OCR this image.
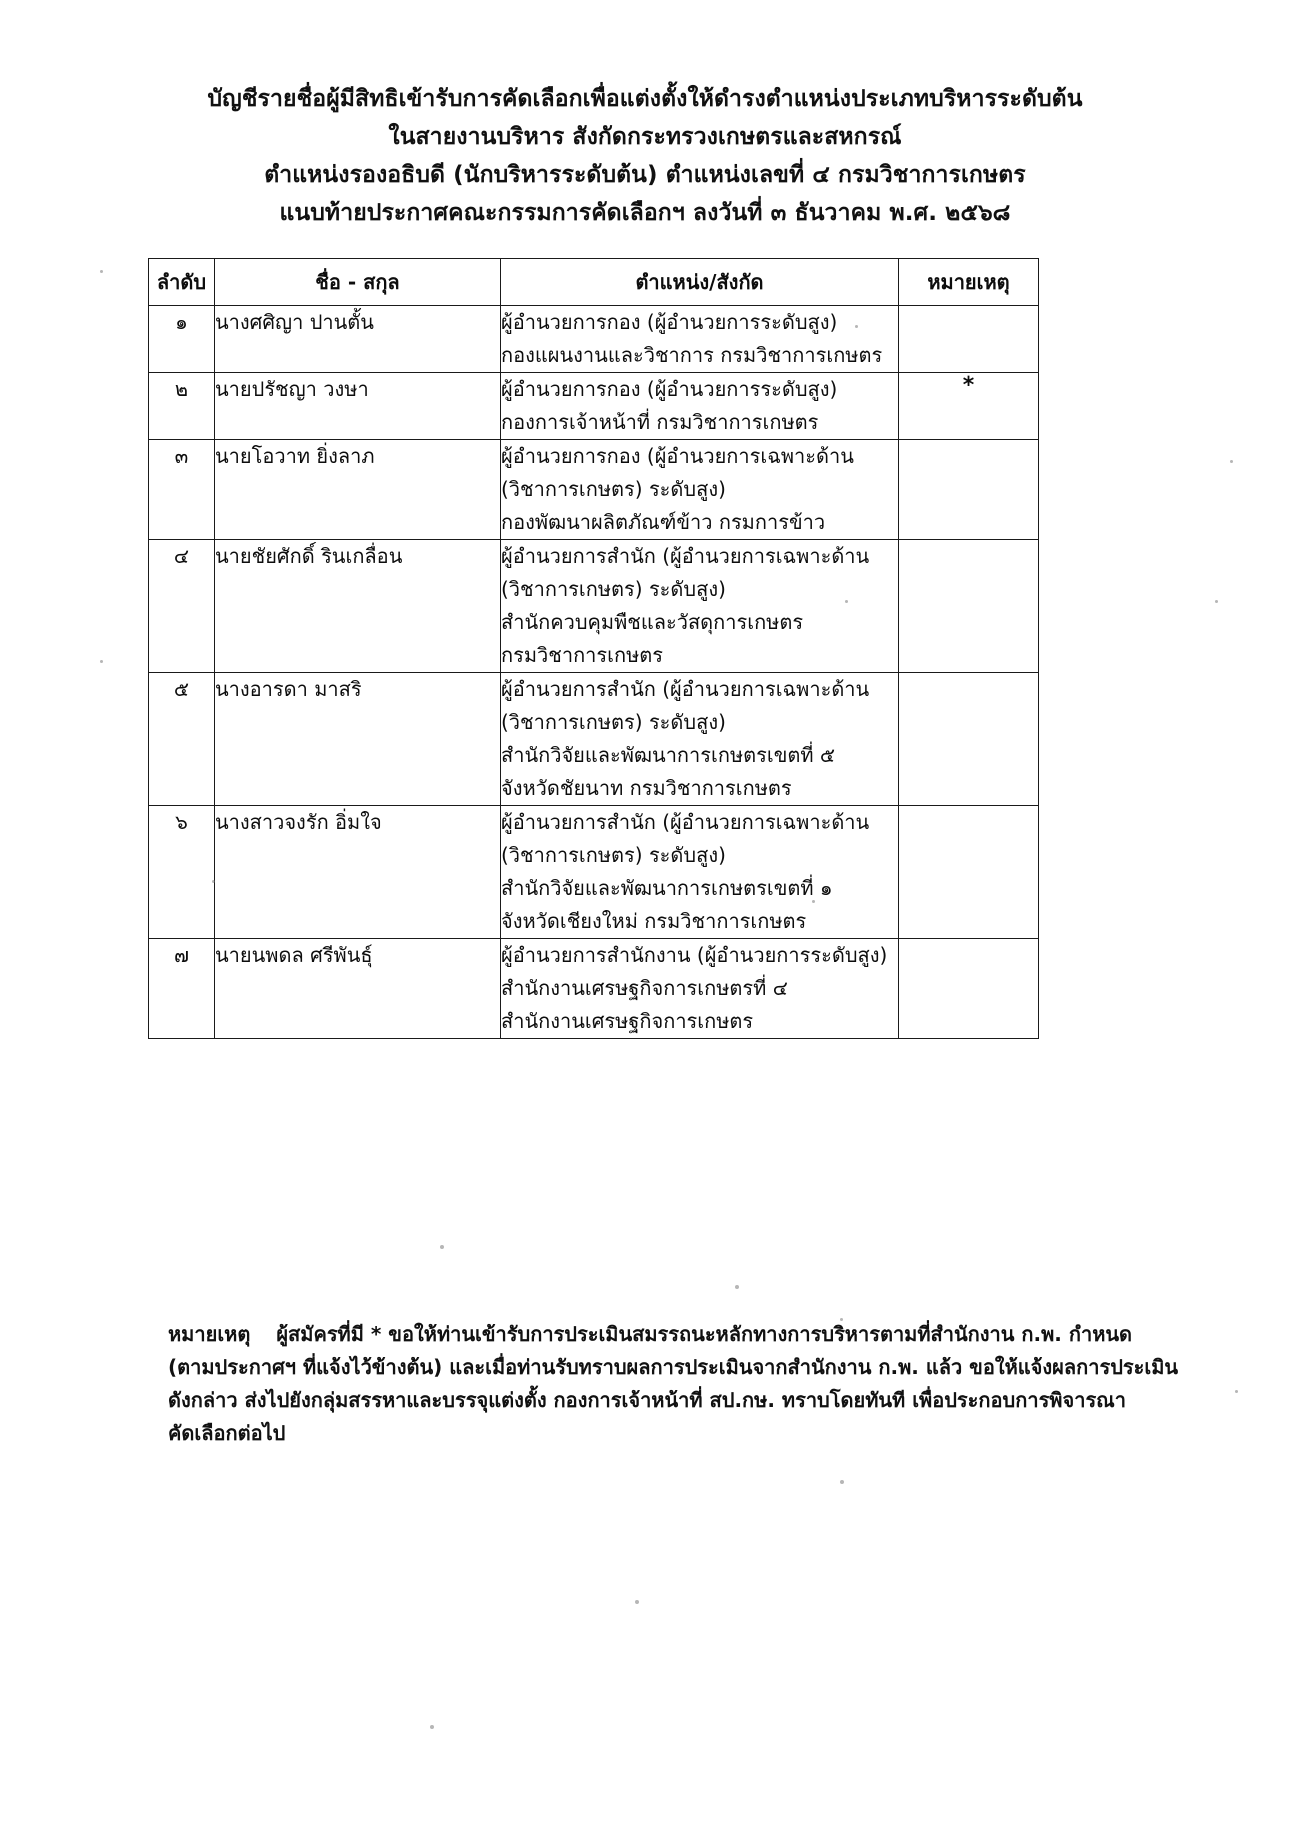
บัญชีรายชื่อผู้มีสิทธิเข้ารับการคัดเลือกเพื่อแต่งตั้งให้ดำรงตำแหน่งประเภทบริหารระดับต้น
ในสายงานบริหาร สังกัดกระทรวงเกษตรและสหกรณ์
ตำแหน่งรองอธิบดี (นักบริหารระดับต้น) ตำแหน่งเลขที่ ๔ กรมวิชาการเกษตร
แนบท้ายประกาศคณะกรรมการคัดเลือกฯ ลงวันที่ ๓ ธันวาคม พ.ศ. ๒๕๖๘
ลำดับ	ชื่อ - สกุล	ตำแหน่ง/สังกัด	หมายเหตุ
๑	นางศศิญา ปานตั้น	ผู้อำนวยการกอง (ผู้อำนวยการระดับสูง)
กองแผนงานและวิชาการ กรมวิชาการเกษตร	

๒	นายปรัชญา วงษา	ผู้อำนวยการกอง (ผู้อำนวยการระดับสูง)
กองการเจ้าหน้าที่ กรมวิชาการเกษตร	*
๓	นายโอวาท ยิ่งลาภ	ผู้อำนวยการกอง (ผู้อำนวยการเฉพาะด้าน
(วิชาการเกษตร) ระดับสูง)
กองพัฒนาผลิตภัณฑ์ข้าว กรมการข้าว	

๔	นายชัยศักดิ์ รินเกลื่อน	ผู้อำนวยการสำนัก (ผู้อำนวยการเฉพาะด้าน
(วิชาการเกษตร) ระดับสูง)
สำนักควบคุมพืชและวัสดุการเกษตร
กรมวิชาการเกษตร	

๕	นางอารดา มาสริ	ผู้อำนวยการสำนัก (ผู้อำนวยการเฉพาะด้าน
(วิชาการเกษตร) ระดับสูง)
สำนักวิจัยและพัฒนาการเกษตรเขตที่ ๕
จังหวัดชัยนาท กรมวิชาการเกษตร	

๖	นางสาวจงรัก อิ่มใจ	ผู้อำนวยการสำนัก (ผู้อำนวยการเฉพาะด้าน
(วิชาการเกษตร) ระดับสูง)
สำนักวิจัยและพัฒนาการเกษตรเขตที่ ๑
จังหวัดเชียงใหม่ กรมวิชาการเกษตร	

๗	นายนพดล ศรีพันธุ์	ผู้อำนวยการสำนักงาน (ผู้อำนวยการระดับสูง)
สำนักงานเศรษฐกิจการเกษตรที่ ๔
สำนักงานเศรษฐกิจการเกษตร	

หมายเหตุ ผู้สมัครที่มี * ขอให้ท่านเข้ารับการประเมินสมรรถนะหลักทางการบริหารตามที่สำนักงาน ก.พ. กำหนด
(ตามประกาศฯ ที่แจ้งไว้ข้างต้น) และเมื่อท่านรับทราบผลการประเมินจากสำนักงาน ก.พ. แล้ว ขอให้แจ้งผลการประเมิน
ดังกล่าว ส่งไปยังกลุ่มสรรหาและบรรจุแต่งตั้ง กองการเจ้าหน้าที่ สป.กษ. ทราบโดยทันที เพื่อประกอบการพิจารณา
คัดเลือกต่อไป
